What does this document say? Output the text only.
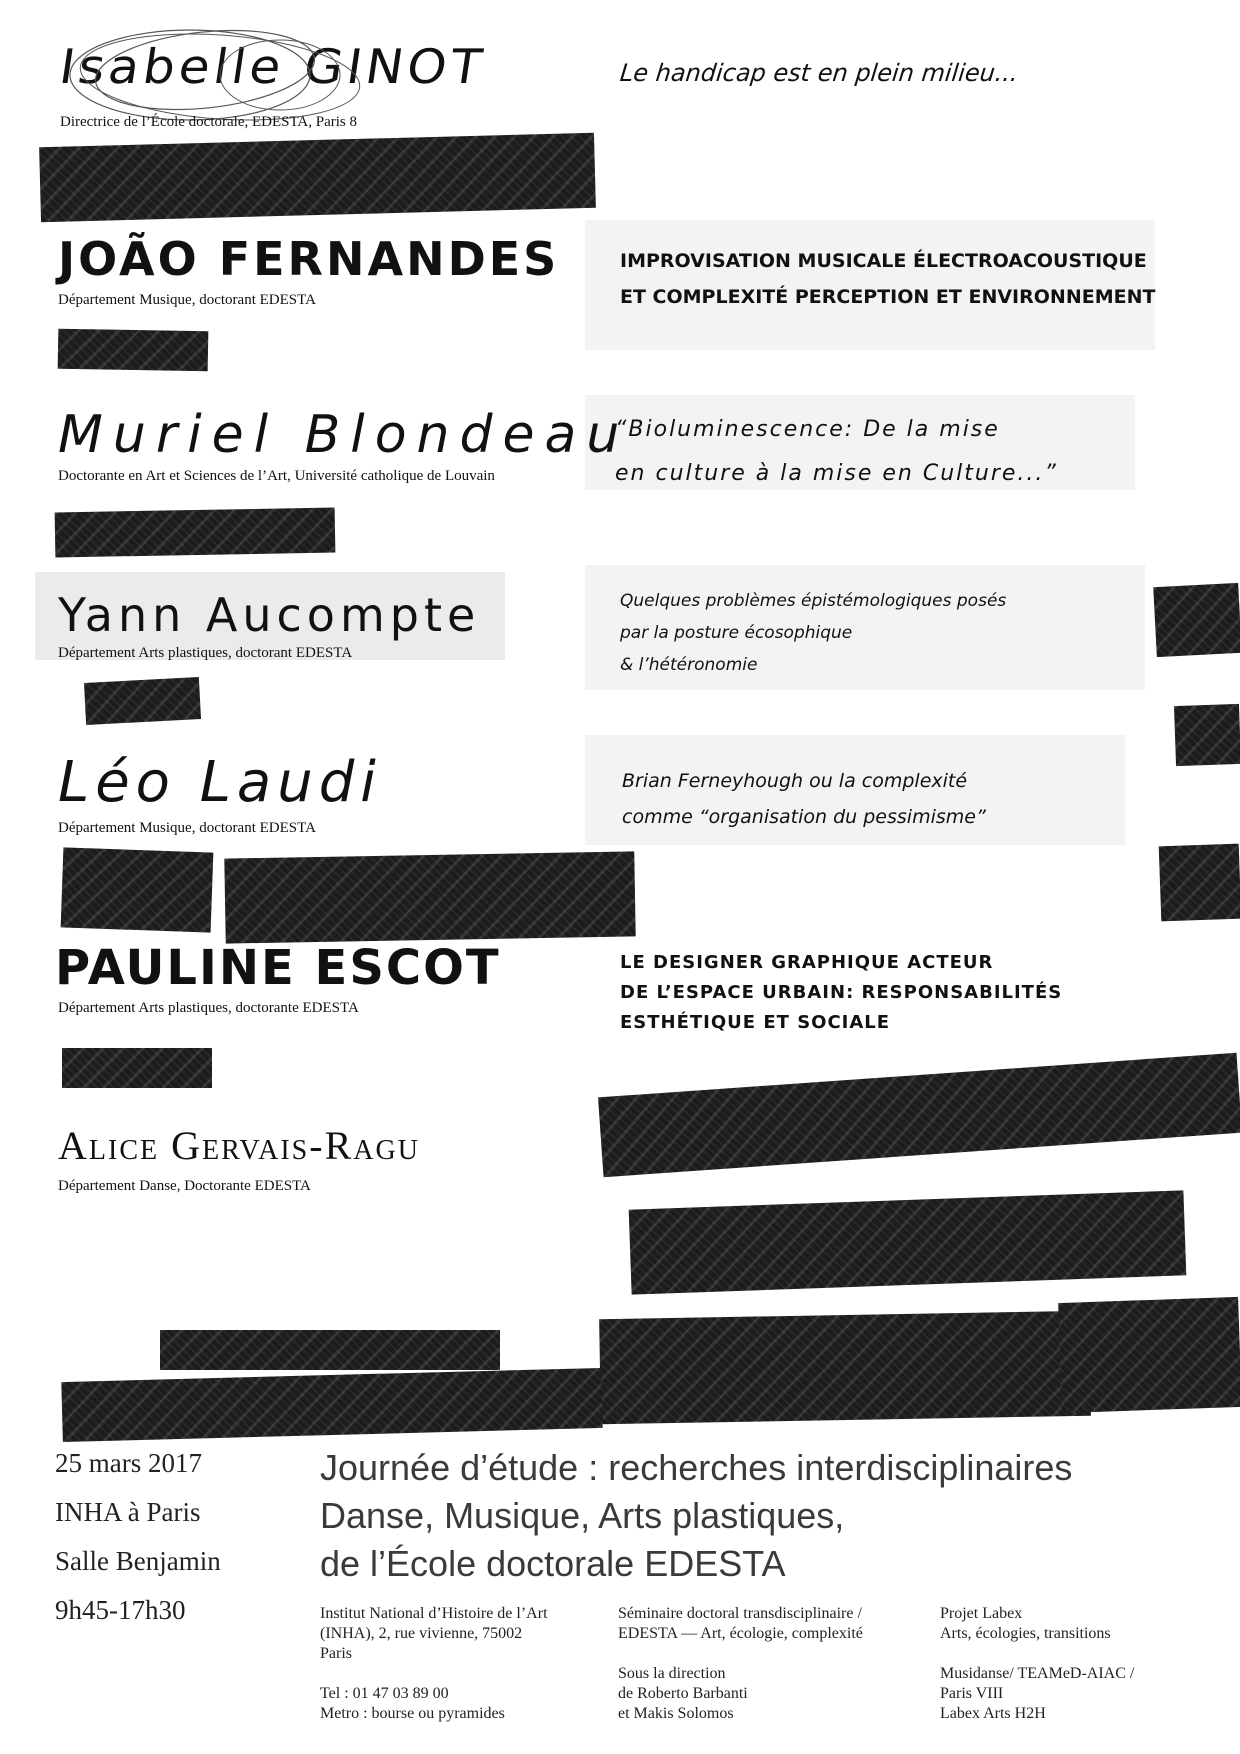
Isabelle GINOT
Directrice de l’École doctorale, EDESTA, Paris 8
Le handicap est en plein milieu...
JOÃO FERNANDES
Département Musique, doctorant EDESTA
IMPROVISATION MUSICALE ÉLECTROACOUSTIQUE
ET COMPLEXITÉ PERCEPTION ET ENVIRONNEMENT
Muriel Blondeau
Doctorante en Art et Sciences de l’Art, Université catholique de Louvain
“Bioluminescence: De la mise
en culture à la mise en Culture...”
Yann Aucompte
Département Arts plastiques, doctorant EDESTA
Quelques problèmes épistémologiques posés
par la posture écosophique
& l’hétéronomie
Léo Laudi
Département Musique, doctorant EDESTA
Brian Ferneyhough ou la complexité
comme “organisation du pessimisme”
PAULINE ESCOT
Département Arts plastiques, doctorante EDESTA
LE DESIGNER GRAPHIQUE ACTEUR
DE L’ESPACE URBAIN: RESPONSABILITÉS
ESTHÉTIQUE ET SOCIALE
Alice Gervais-Ragu
Département Danse, Doctorante EDESTA
25 mars 2017
INHA à Paris
Salle Benjamin
9h45-17h30
Journée d’étude : recherches interdisciplinaires
Danse, Musique, Arts plastiques,
de l’École doctorale EDESTA
Institut National d’Histoire de l’Art
(INHA), 2, rue vivienne, 75002
Paris
Tel : 01 47 03 89 00
Metro : bourse ou pyramides
Séminaire doctoral transdisciplinaire /
EDESTA — Art, écologie, complexité
Sous la direction
de Roberto Barbanti
et Makis Solomos
Projet Labex
Arts, écologies, transitions
Musidanse/ TEAMeD-AIAC /
Paris VIII
Labex Arts H2H
